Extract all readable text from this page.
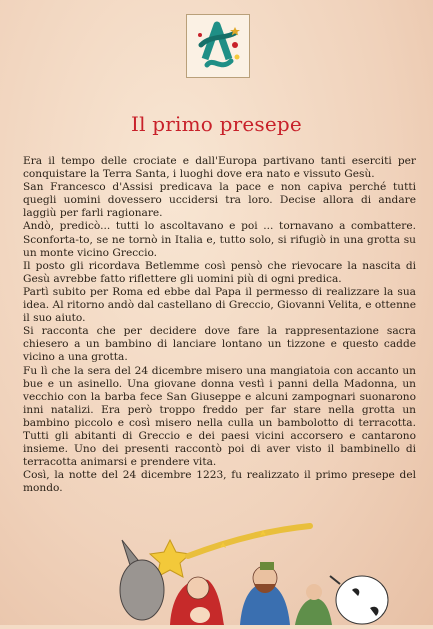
Il primo presepe

Era il tempo delle crociate e dall'Europa partivano tanti eserciti per conquistare la Terra Santa, i luoghi dove era nato e vissuto Gesù.

San Francesco d'Assisi predicava la pace e non capiva perché tutti quegli uomini dovessero uccidersi tra loro. Decise allora di andare laggiù per farli ragionare.

Andò, predicò... tutti lo ascoltavano e poi ... tornavano a combattere. Sconforta-to, se ne tornò in Italia e, tutto solo, si rifugiò in una grotta su un monte vicino Greccio.

Il posto gli ricordava Betlemme così pensò che rievocare la nascita di Gesù avrebbe fatto riflettere gli uomini più di ogni predica.

Partì subito per Roma ed ebbe dal Papa il permesso di realizzare la sua idea. Al ritorno andò dal castellano di Greccio, Giovanni Velita, e ottenne il suo aiuto.

Si racconta che per decidere dove fare la rappresentazione sacra chiesero a un bambino di lanciare lontano un tizzone e questo cadde vicino a una grotta.

Fu lì che la sera del 24 dicembre misero una mangiatoia con accanto un bue e un asinello. Una giovane donna vestì i panni della Madonna, un vecchio con la barba fece San Giuseppe e alcuni zampognari suonarono inni natalizi. Era però troppo freddo per far stare nella grotta un bambino piccolo e così misero nella culla un bambolotto di terracotta. Tutti gli abitanti di Greccio e dei paesi vicini accorsero e cantarono insieme. Uno dei presenti raccontò poi di aver visto il bambinello di terracotta animarsi e prendere vita.

Così, la notte del 24 dicembre 1223, fu realizzato il primo presepe del mondo.
